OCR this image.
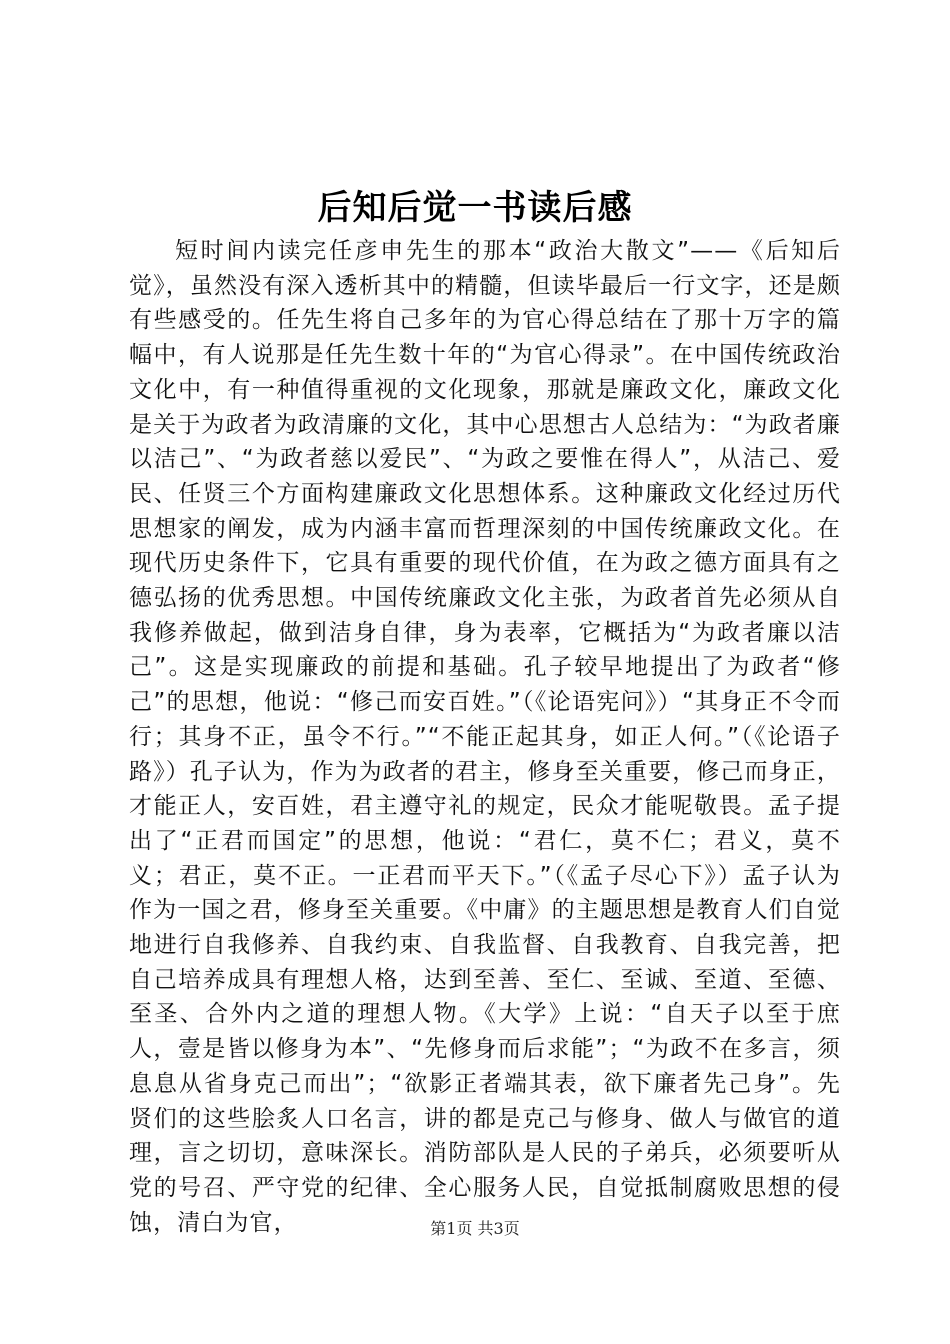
后知后觉一书读后感

短时间内读完任彦申先生的那本“政治大散文”——《后知后觉》，虽然没有深入透析其中的精髓，但读毕最后一行文字，还是颇有些感受的。任先生将自己多年的为官心得总结在了那十万字的篇幅中，有人说那是任先生数十年的“为官心得录”。在中国传统政治文化中，有一种值得重视的文化现象，那就是廉政文化，廉政文化是关于为政者为政清廉的文化，其中心思想古人总结为：“为政者廉以洁己”、“为政者慈以爱民”、“为政之要惟在得人”，从洁己、爱民、任贤三个方面构建廉政文化思想体系。这种廉政文化经过历代思想家的阐发，成为内涵丰富而哲理深刻的中国传统廉政文化。在现代历史条件下，它具有重要的现代价值，在为政之德方面具有之德弘扬的优秀思想。中国传统廉政文化主张，为政者首先必须从自我修养做起，做到洁身自律，身为表率，它概括为“为政者廉以洁己”。这是实现廉政的前提和基础。孔子较早地提出了为政者“修己”的思想，他说：“修己而安百姓。”（《论语宪问》）“其身正不令而行；其身不正，虽令不行。”“不能正起其身，如正人何。”（《论语子路》）孔子认为，作为为政者的君主，修身至关重要，修己而身正，才能正人，安百姓，君主遵守礼的规定，民众才能呢敬畏。孟子提出了“正君而国定”的思想，他说：“君仁，莫不仁；君义，莫不义；君正，莫不正。一正君而平天下。”（《孟子尽心下》）孟子认为作为一国之君，修身至关重要。《中庸》的主题思想是教育人们自觉地进行自我修养、自我约束、自我监督、自我教育、自我完善，把自己培养成具有理想人格，达到至善、至仁、至诚、至道、至德、至圣、合外内之道的理想人物。《大学》上说：“自天子以至于庶人，壹是皆以修身为本”、“先修身而后求能”；“为政不在多言，须息息从省身克己而出”；“欲影正者端其表，欲下廉者先己身”。先贤们的这些脍炙人口名言，讲的都是克己与修身、做人与做官的道理，言之切切，意味深长。消防部队是人民的子弟兵，必须要听从党的号召、严守党的纪律、全心服务人民，自觉抵制腐败思想的侵蚀，清白为官，	第1页 共3页
